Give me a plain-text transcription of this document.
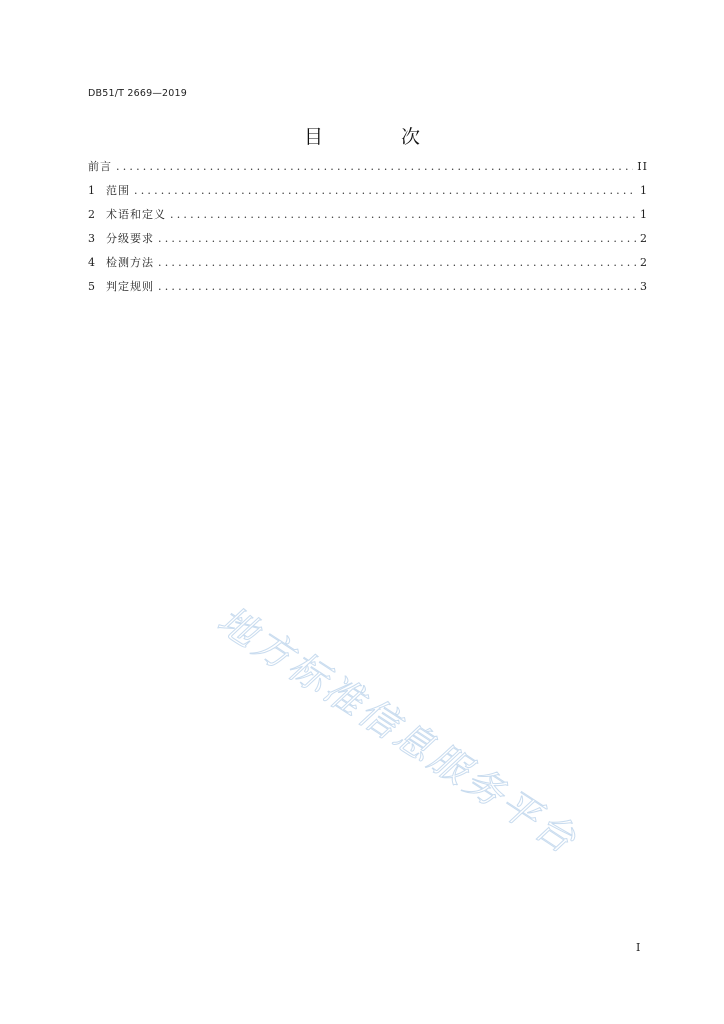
DB51/T 2669—2019
目 次
前言 .....	II
1	范围 .....	1
2	术语和定义 .....	1
3	分级要求 .....	2
4	检测方法 .....	2
5	判定规则 .....	3
地方标准信息服务平台
I
